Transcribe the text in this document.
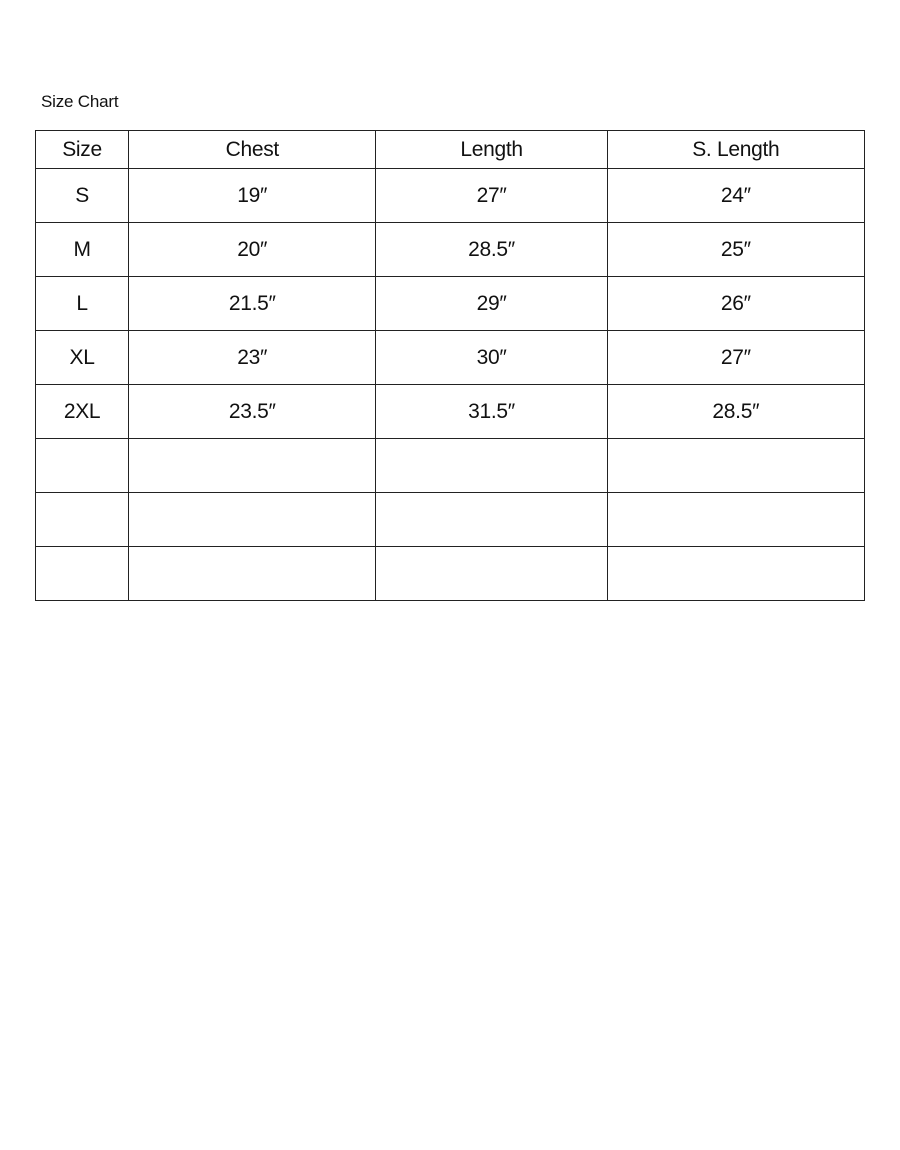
Size Chart
Size	Chest	Length	S. Length
S	19″	27″	24″
M	20″	28.5″	25″
L	21.5″	29″	26″
XL	23″	30″	27″
2XL	23.5″	31.5″	28.5″
